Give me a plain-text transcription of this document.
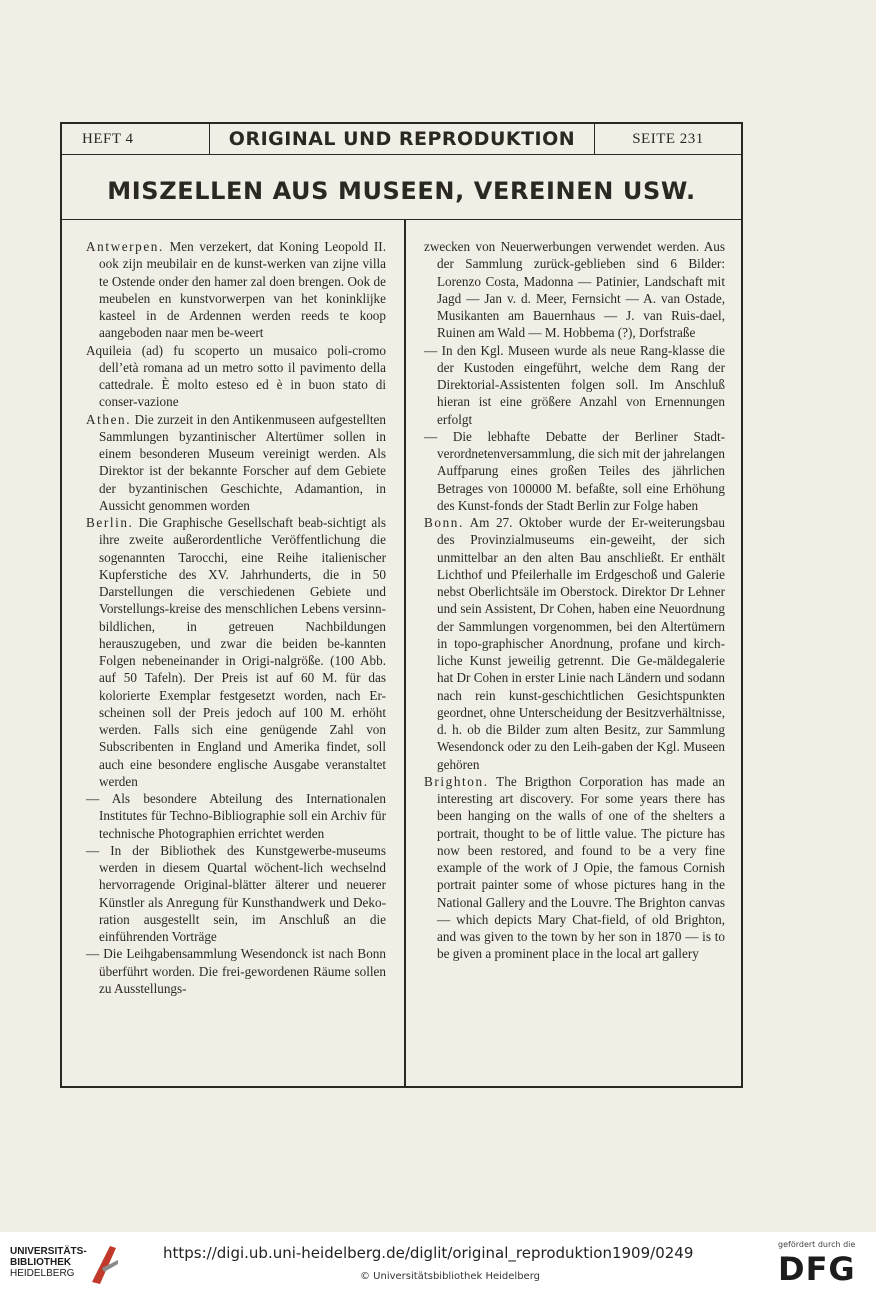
HEFT 4	ORIGINAL UND REPRODUKTION	SEITE 231
MISZELLEN AUS MUSEEN, VEREINEN USW.

Antwerpen. Men verzekert, dat Koning Leopold II. ook zijn meubilair en de kunst-werken van zijne villa te Ostende onder den hamer zal doen brengen. Ook de meubelen en kunstvorwerpen van het koninklijke kasteel in de Ardennen werden reeds te koop aangeboden naar men be-weert

Aquileia (ad) fu scoperto un musaico poli-cromo dell’età romana ad un metro sotto il pavimento della cattedrale. È molto esteso ed è in buon stato di conser-vazione

Athen. Die zurzeit in den Antikenmuseen aufgestellten Sammlungen byzantinischer Altertümer sollen in einem besonderen Museum vereinigt werden. Als Direktor ist der bekannte Forscher auf dem Gebiete der byzantinischen Geschichte, Adamantion, in Aussicht genommen worden

Berlin. Die Graphische Gesellschaft beab-sichtigt als ihre zweite außerordentliche Veröffentlichung die sogenannten Tarocchi, eine Reihe italienischer Kupferstiche des XV. Jahrhunderts, die in 50 Darstellungen die verschiedenen Gebiete und Vorstellungs-kreise des menschlichen Lebens versinn-bildlichen, in getreuen Nachbildungen herauszugeben, und zwar die beiden be-kannten Folgen nebeneinander in Origi-nalgröße. (100 Abb. auf 50 Tafeln). Der Preis ist auf 60 M. für das kolorierte Exemplar festgesetzt worden, nach Er-scheinen soll der Preis jedoch auf 100 M. erhöht werden. Falls sich eine genügende Zahl von Subscribenten in England und Amerika findet, soll auch eine besondere englische Ausgabe veranstaltet werden

— Als besondere Abteilung des Internationalen Institutes für Techno-Bibliographie soll ein Archiv für technische Photographien errichtet werden

— In der Bibliothek des Kunstgewerbe-museums werden in diesem Quartal wöchent-lich wechselnd hervorragende Original-blätter älterer und neuerer Künstler als Anregung für Kunsthandwerk und Deko-ration ausgestellt sein, im Anschluß an die einführenden Vorträge

— Die Leihgabensammlung Wesendonck ist nach Bonn überführt worden. Die frei-gewordenen Räume sollen zu Ausstellungs-

zwecken von Neuerwerbungen verwendet werden. Aus der Sammlung zurück-geblieben sind 6 Bilder: Lorenzo Costa, Madonna — Patinier, Landschaft mit Jagd — Jan v. d. Meer, Fernsicht — A. van Ostade, Musikanten am Bauernhaus — J. van Ruis-dael, Ruinen am Wald — M. Hobbema (?), Dorfstraße

— In den Kgl. Museen wurde als neue Rang-klasse die der Kustoden eingeführt, welche dem Rang der Direktorial-Assistenten folgen soll. Im Anschluß hieran ist eine größere Anzahl von Ernennungen erfolgt

— Die lebhafte Debatte der Berliner Stadt-verordnetenversammlung, die sich mit der jahrelangen Auffparung eines großen Teiles des jährlichen Betrages von 100000 M. befaßte, soll eine Erhöhung des Kunst-fonds der Stadt Berlin zur Folge haben

Bonn. Am 27. Oktober wurde der Er-weiterungsbau des Provinzialmuseums ein-geweiht, der sich unmittelbar an den alten Bau anschließt. Er enthält Lichthof und Pfeilerhalle im Erdgeschoß und Galerie nebst Oberlichtsäle im Oberstock. Direktor Dr Lehner und sein Assistent, Dr Cohen, haben eine Neuordnung der Sammlungen vorgenommen, bei den Altertümern in topo-graphischer Anordnung, profane und kirch-liche Kunst jeweilig getrennt. Die Ge-mäldegalerie hat Dr Cohen in erster Linie nach Ländern und sodann nach rein kunst-geschichtlichen Gesichtspunkten geordnet, ohne Unterscheidung der Besitzverhältnisse, d. h. ob die Bilder zum alten Besitz, zur Sammlung Wesendonck oder zu den Leih-gaben der Kgl. Museen gehören

Brighton. The Brigthon Corporation has made an interesting art discovery. For some years there has been hanging on the walls of one of the shelters a portrait, thought to be of little value. The picture has now been restored, and found to be a very fine example of the work of J Opie, the famous Cornish portrait painter some of whose pictures hang in the National Gallery and the Louvre. The Brighton canvas — which depicts Mary Chat-field, of old Brighton, and was given to the town by her son in 1870 — is to be given a prominent place in the local art gallery

UNIVERSITÄTS-
BIBLIOTHEK
HEIDELBERG
https://digi.ub.uni-heidelberg.de/diglit/original_reproduktion1909/0249
© Universitätsbibliothek Heidelberg
gefördert durch die
DFG
